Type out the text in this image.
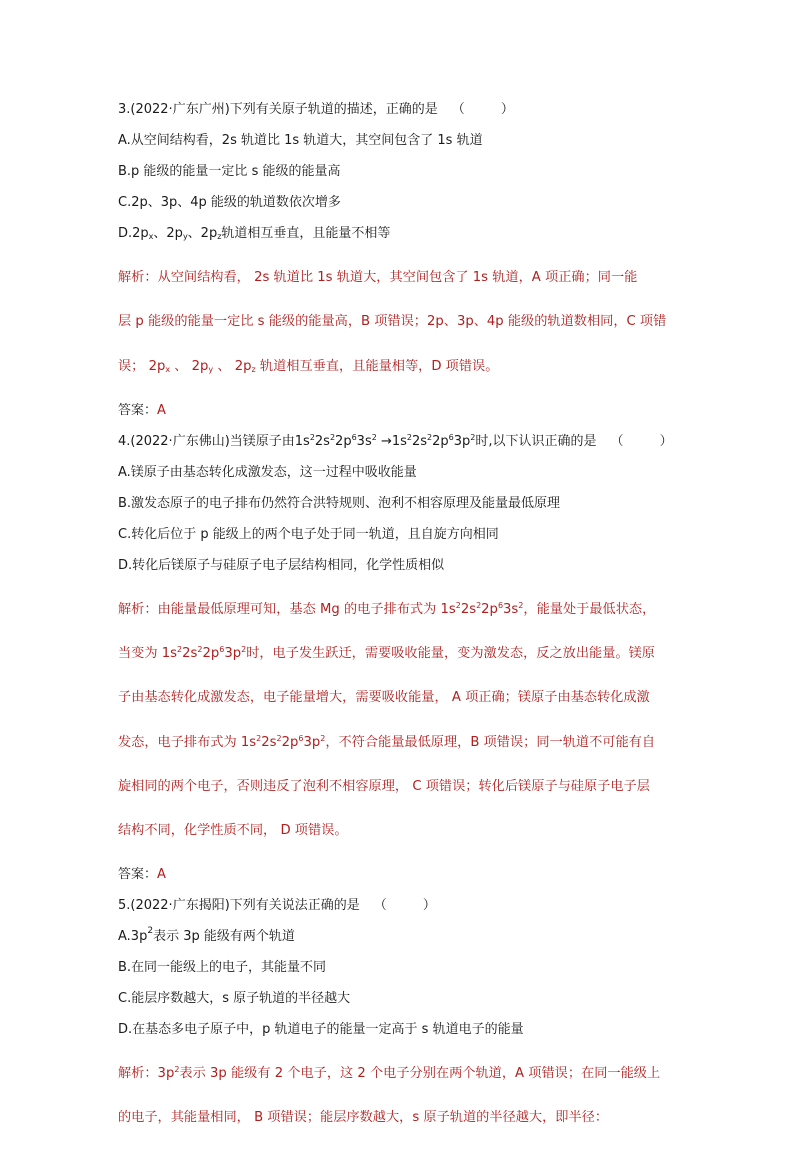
3.(2022·广东广州)下列有关原子轨道的描述，正确的是 （ ）

A.从空间结构看，2s 轨道比 1s 轨道大，其空间包含了 1s 轨道

B.p 能级的能量一定比 s 能级的能量高

C.2p、3p、4p 能级的轨道数依次增多

$D.2p_x$、$2p_y$、$2p_z$轨道相互垂直，且能量不相等

解析：从空间结构看， 2s 轨道比 1s 轨道大，其空间包含了 1s 轨道，A 项正确；同一能

层 p 能级的能量一定比 s 能级的能量高，B 项错误；2p、3p、4p 能级的轨道数相同，C 项错

误； $2p_x$ 、 $2p_y$ 、 $2p_z$ 轨道相互垂直，且能量相等，D 项错误。

答案：A

4.(2022·广东佛山)当镁原子由$1s^22s^22p^63s^2 \to 1s^22s^22p^63p^2$时,以下认识正确的是 （ ）

A.镁原子由基态转化成激发态，这一过程中吸收能量

B.激发态原子的电子排布仍然符合洪特规则、泡利不相容原理及能量最低原理

C.转化后位于 p 能级上的两个电子处于同一轨道，且自旋方向相同

D.转化后镁原子与硅原子电子层结构相同，化学性质相似

解析：由能量最低原理可知，基态 Mg 的电子排布式为 $1s^22s^22p^63s^2$，能量处于最低状态，

当变为 $1s^22s^22p^63p^2$时，电子发生跃迁，需要吸收能量，变为激发态，反之放出能量。镁原

子由基态转化成激发态，电子能量增大，需要吸收能量， A 项正确；镁原子由基态转化成激

发态，电子排布式为 $1s^22s^22p^63p^2$，不符合能量最低原理，B 项错误；同一轨道不可能有自

旋相同的两个电子，否则违反了泡利不相容原理， C 项错误；转化后镁原子与硅原子电子层

结构不同，化学性质不同， D 项错误。

答案：A

5.(2022·广东揭阳)下列有关说法正确的是 （ ）

$A.3p^2$表示 3p 能级有两个轨道

B.在同一能级上的电子，其能量不同

C.能层序数越大，s 原子轨道的半径越大

D.在基态多电子原子中，p 轨道电子的能量一定高于 s 轨道电子的能量

解析：$3p^2$表示 3p 能级有 2 个电子，这 2 个电子分别在两个轨道，A 项错误；在同一能级上

的电子，其能量相同， B 项错误；能层序数越大，s 原子轨道的半径越大，即半径：
